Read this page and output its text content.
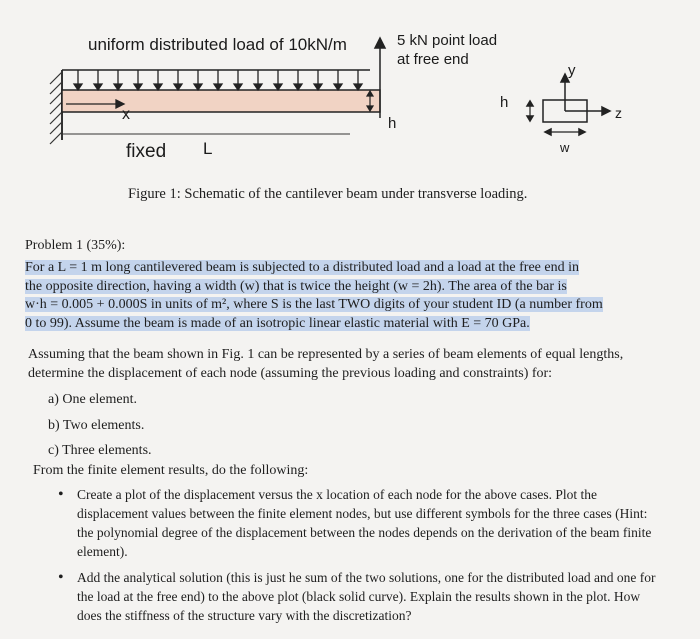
uniform distributed load of 10kN/m	5 kN point load
at free end
x
h
h
y
z
w
fixed L
Figure 1: Schematic of the cantilever beam under transverse loading.
Problem 1 (35%):
For a L = 1 m long cantilevered beam is subjected to a distributed load and a load at the free end in
the opposite direction, having a width (w) that is twice the height (w = 2h). The area of the bar is
w·h = 0.005 + 0.000S in units of m², where S is the last TWO digits of your student ID (a number from
0 to 99). Assume the beam is made of an isotropic linear elastic material with E = 70 GPa.
Assuming that the beam shown in Fig. 1 can be represented by a series of beam elements of equal lengths,
determine the displacement of each node (assuming the previous loading and constraints) for:
a) One element.
b) Two elements.
c) Three elements.
From the finite element results, do the following:
• Create a plot of the displacement versus the x location of each node for the above cases. Plot the displacement values between the finite element nodes, but use different symbols for the three cases (Hint: the polynomial degree of the displacement between the nodes depends on the derivation of the beam finite element).
• Add the analytical solution (this is just he sum of the two solutions, one for the distributed load and one for the load at the free end) to the above plot (black solid curve). Explain the results shown in the plot. How does the stiffness of the structure vary with the discretization?
